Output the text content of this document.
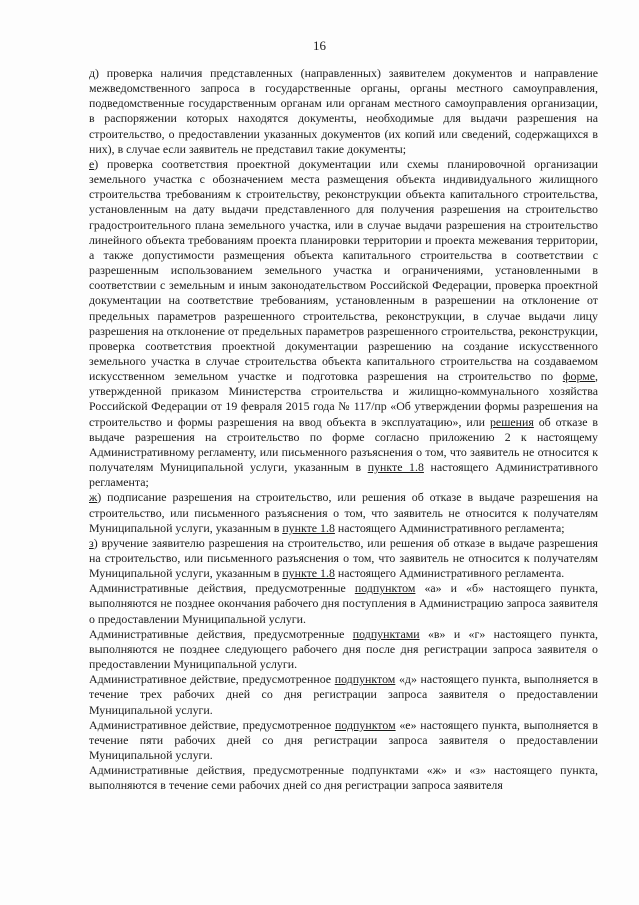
16

д) проверка наличия представленных (направленных) заявителем документов и направление межведомственного запроса в государственные органы, органы местного самоуправления, подведомственные государственным органам или органам местного самоуправления организации, в распоряжении которых находятся документы, необходимые для выдачи разрешения на строительство, о предоставлении указанных документов (их копий или сведений, содержащихся в них), в случае если заявитель не представил такие документы;

е) проверка соответствия проектной документации или схемы планировочной организации земельного участка с обозначением места размещения объекта индивидуального жилищного строительства требованиям к строительству, реконструкции объекта капитального строительства, установленным на дату выдачи представленного для получения разрешения на строительство градостроительного плана земельного участка, или в случае выдачи разрешения на строительство линейного объекта требованиям проекта планировки территории и проекта межевания территории, а также допустимости размещения объекта капитального строительства в соответствии с разрешенным использованием земельного участка и ограничениями, установленными в соответствии с земельным и иным законодательством Российской Федерации, проверка проектной документации на соответствие требованиям, установленным в разрешении на отклонение от предельных параметров разрешенного строительства, реконструкции, в случае выдачи лицу разрешения на отклонение от предельных параметров разрешенного строительства, реконструкции, проверка соответствия проектной документации разрешению на создание искусственного земельного участка в случае строительства объекта капитального строительства на создаваемом искусственном земельном участке и подготовка разрешения на строительство по форме, утвержденной приказом Министерства строительства и жилищно-коммунального хозяйства Российской Федерации от 19 февраля 2015 года № 117/пр «Об утверждении формы разрешения на строительство и формы разрешения на ввод объекта в эксплуатацию», или решения об отказе в выдаче разрешения на строительство по форме согласно приложению 2 к настоящему Административному регламенту, или письменного разъяснения о том, что заявитель не относится к получателям Муниципальной услуги, указанным в пункте 1.8 настоящего Административного регламента;

ж) подписание разрешения на строительство, или решения об отказе в выдаче разрешения на строительство, или письменного разъяснения о том, что заявитель не относится к получателям Муниципальной услуги, указанным в пункте 1.8 настоящего Административного регламента;

з) вручение заявителю разрешения на строительство, или решения об отказе в выдаче разрешения на строительство, или письменного разъяснения о том, что заявитель не относится к получателям Муниципальной услуги, указанным в пункте 1.8 настоящего Административного регламента.

Административные действия, предусмотренные подпунктом «а» и «б» настоящего пункта, выполняются не позднее окончания рабочего дня поступления в Администрацию запроса заявителя о предоставлении Муниципальной услуги.

Административные действия, предусмотренные подпунктами «в» и «г» настоящего пункта, выполняются не позднее следующего рабочего дня после дня регистрации запроса заявителя о предоставлении Муниципальной услуги.

Административное действие, предусмотренное подпунктом «д» настоящего пункта, выполняется в течение трех рабочих дней со дня регистрации запроса заявителя о предоставлении Муниципальной услуги.

Административное действие, предусмотренное подпунктом «е» настоящего пункта, выполняется в течение пяти рабочих дней со дня регистрации запроса заявителя о предоставлении Муниципальной услуги.

Административные действия, предусмотренные подпунктами «ж» и «з» настоящего пункта, выполняются в течение семи рабочих дней со дня регистрации запроса заявителя
